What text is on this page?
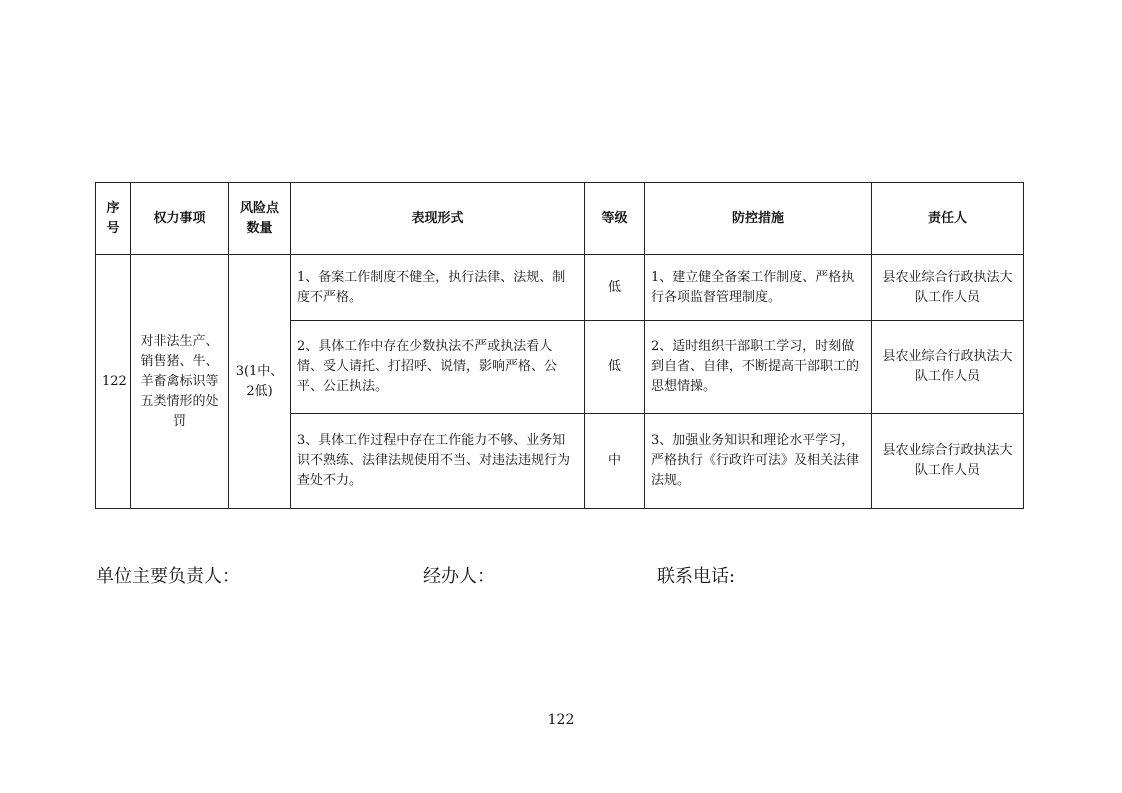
序号	权力事项	风险点数量	表现形式	等级	防控措施	责任人
122	对非法生产、销售猪、牛、羊畜禽标识等五类情形的处罚	3(1中、2低)	1、备案工作制度不健全，执行法律、法规、制度不严格。	低	1、建立健全备案工作制度、严格执行各项监督管理制度。	县农业综合行政执法大队工作人员
			2、具体工作中存在少数执法不严或执法看人情、受人请托、打招呼、说情，影响严格、公平、公正执法。	低	2、适时组织干部职工学习，时刻做到自省、自律，不断提高干部职工的思想情操。	县农业综合行政执法大队工作人员
			3、具体工作过程中存在工作能力不够、业务知识不熟练、法律法规使用不当、对违法违规行为查处不力。	中	3、加强业务知识和理论水平学习，严格执行《行政许可法》及相关法律法规。	县农业综合行政执法大队工作人员
单位主要负责人：	经办人：	联系电话:
122
